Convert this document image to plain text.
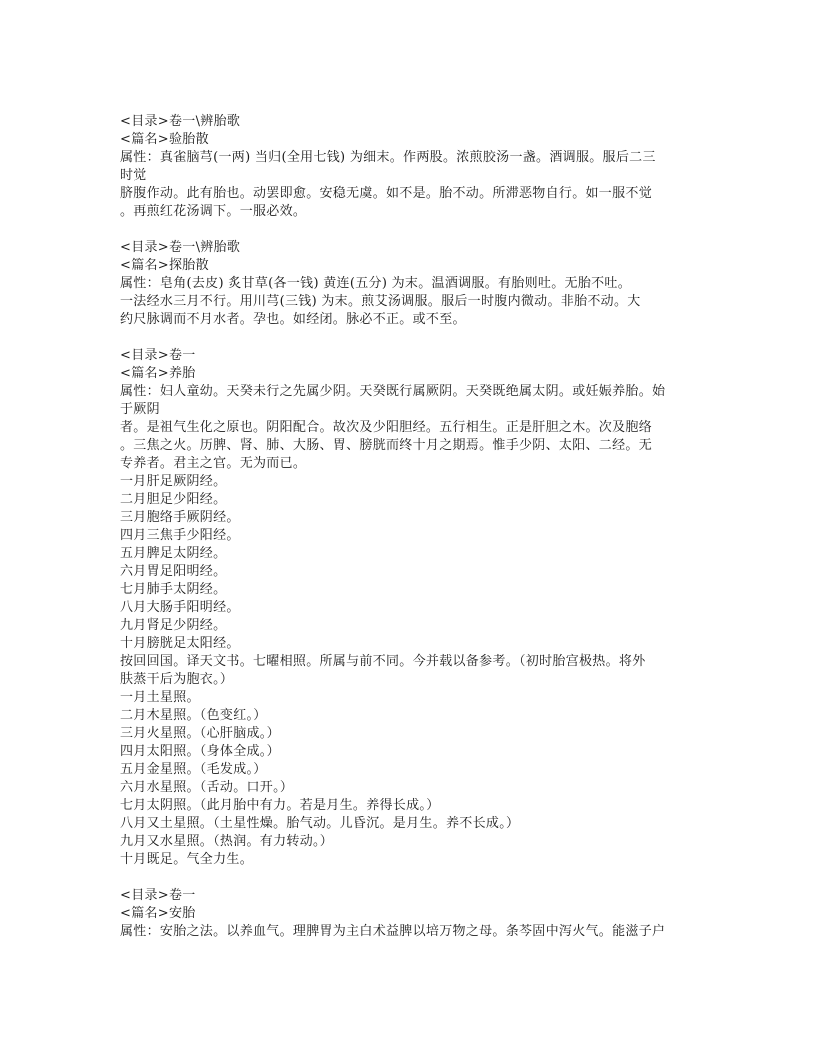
<目录>卷一\辨胎歌
<篇名>验胎散
属性：真雀脑芎(一两) 当归(全用七钱) 为细末。作两股。浓煎胶汤一盏。酒调服。服后二三
时觉
脐腹作动。此有胎也。动罢即愈。安稳无虞。如不是。胎不动。所滞恶物自行。如一服不觉
。再煎红花汤调下。一服必效。
<目录>卷一\辨胎歌
<篇名>探胎散
属性：皂角(去皮) 炙甘草(各一钱) 黄连(五分) 为末。温酒调服。有胎则吐。无胎不吐。
一法经水三月不行。用川芎(三钱) 为末。煎艾汤调服。服后一时腹内微动。非胎不动。大
约尺脉调而不月水者。孕也。如经闭。脉必不正。或不至。
<目录>卷一
<篇名>养胎
属性：妇人童幼。天癸未行之先属少阴。天癸既行属厥阴。天癸既绝属太阴。或妊娠养胎。始
于厥阴
者。是祖气生化之原也。阴阳配合。故次及少阳胆经。五行相生。正是肝胆之木。次及胞络
。三焦之火。历脾、肾、肺、大肠、胃、膀胱而终十月之期焉。惟手少阴、太阳、二经。无
专养者。君主之官。无为而已。
一月肝足厥阴经。
二月胆足少阳经。
三月胞络手厥阴经。
四月三焦手少阳经。
五月脾足太阴经。
六月胃足阳明经。
七月肺手太阴经。
八月大肠手阳明经。
九月肾足少阴经。
十月膀胱足太阳经。
按回回国。译天文书。七曜相照。所属与前不同。今并载以备参考。（初时胎宫极热。将外
肤蒸干后为胞衣。）
一月土星照。
二月木星照。（色变红。）
三月火星照。（心肝脑成。）
四月太阳照。（身体全成。）
五月金星照。（毛发成。）
六月水星照。（舌动。口开。）
七月太阴照。（此月胎中有力。若是月生。养得长成。）
八月又土星照。（土星性燥。胎气动。儿昏沉。是月生。养不长成。）
九月又水星照。（热润。有力转动。）
十月既足。气全力生。
<目录>卷一
<篇名>安胎
属性：安胎之法。以养血气。理脾胃为主白术益脾以培万物之母。条芩固中泻火气。能滋子户
